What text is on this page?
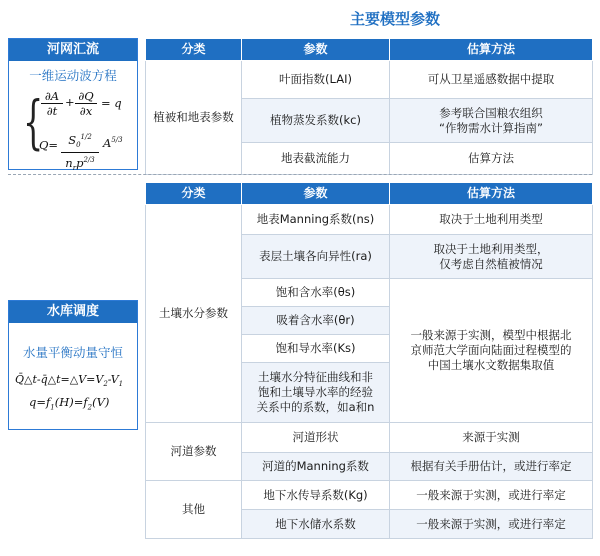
主要模型参数
河网汇流
一维运动波方程
{
$\frac{\partial A}{\partial t} + \frac{\partial Q}{\partial x} = q$
$Q= S_0^{1/2}$
$n_rp^{2/3}$
$A^{5/3}$
水库调度
水量平衡动量守恒
$Q̄\triangle t-q̄\triangle t=\triangle V=V_2-V_1$
$q=f_1(H)=f_2(V)$
分类	参数	估算方法
植被和地表参数	叶面指数(LAI)	可从卫星遥感数据中提取
	植物蒸发系数(kc)	参考联合国粮农组织
“作物需水计算指南”
	地表截流能力	估算方法
分类	参数	估算方法
土壤水分参数	地表Manning系数(ns)	取决于土地利用类型
	表层土壤各向异性(ra)	取决于土地利用类型，
仅考虑自然植被情况
	饱和含水率(θs)	一般来源于实测，模型中根据北
京师范大学面向陆面过程模型的
中国土壤水文数据集取值
	吸着含水率(θr)	
	饱和导水率(Ks)	
	土壤水分特征曲线和非
饱和土壤导水率的经验
关系中的系数，如a和n	
河道参数	河道形状	来源于实测
	河道的Manning系数	根据有关手册估计，或进行率定
其他	地下水传导系数(Kg)	一般来源于实测，或进行率定
	地下水储水系数	一般来源于实测，或进行率定
